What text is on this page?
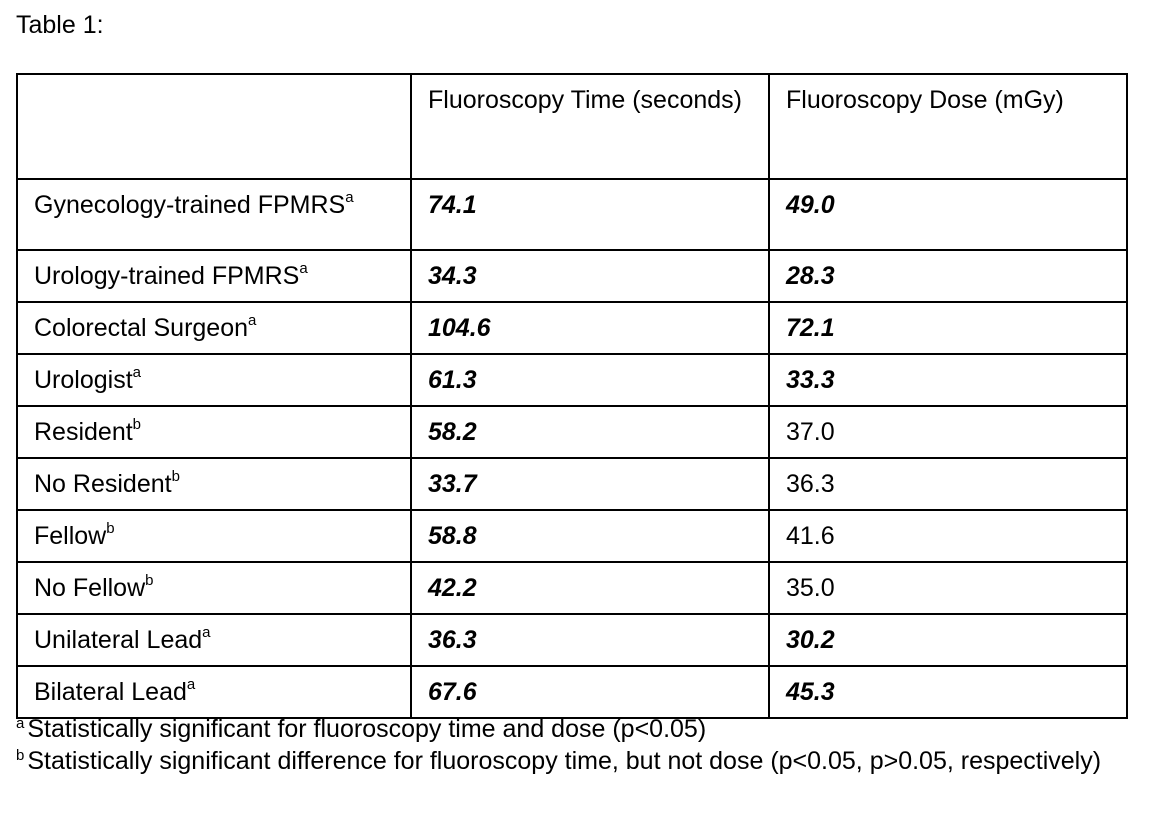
Table 1:
	Fluoroscopy Time (seconds)	Fluoroscopy Dose (mGy)
Gynecology-trained FPMRS$^a$	74.1	49.0
Urology-trained FPMRS$^a$	34.3	28.3
Colorectal Surgeon$^a$	104.6	72.1
Urologist$^a$	61.3	33.3
Resident$^b$	58.2	37.0
No Resident$^b$	33.7	36.3
Fellow$^b$	58.8	41.6
No Fellow$^b$	42.2	35.0
Unilateral Lead$^a$	36.3	30.2
Bilateral Lead$^a$	67.6	45.3
$^a$ Statistically significant for fluoroscopy time and dose (p<0.05)
$^b$ Statistically significant difference for fluoroscopy time, but not dose (p<0.05, p>0.05, respectively)
